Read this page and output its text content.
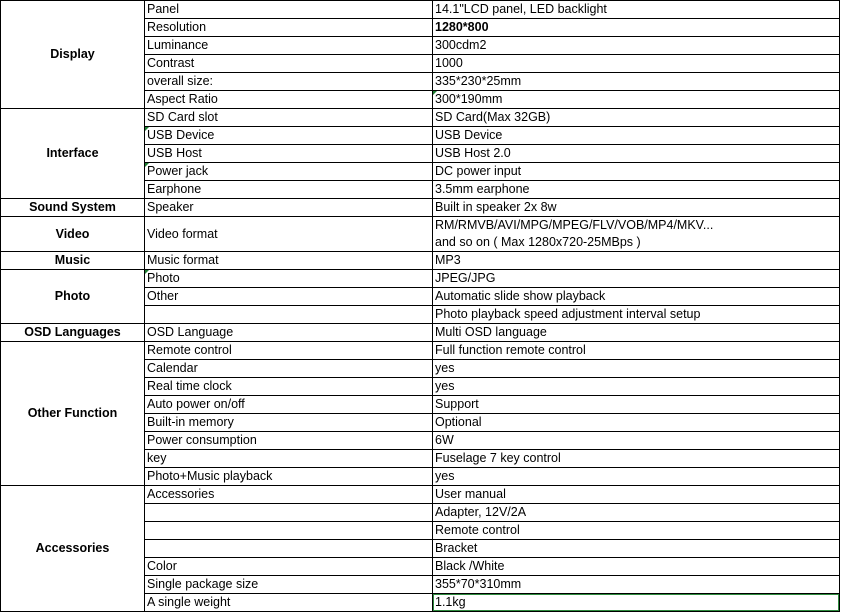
Display	Panel	14.1"LCD panel, LED backlight
	Resolution	1280*800
	Luminance	300cdm2
	Contrast	1000
	overall size:	335*230*25mm
	Aspect Ratio	300*190mm
Interface	SD Card slot	SD Card(Max 32GB)
	USB Device	USB Device
	USB Host	USB Host 2.0
	Power jack	DC power input
	Earphone	3.5mm earphone
Sound System	Speaker	Built in speaker 2x 8w
Video	Video format	RM/RMVB/AVI/MPG/MPEG/FLV/VOB/MP4/MKV...
and so on ( Max 1280x720-25MBps )

Music	Music format	MP3
Photo	Photo	JPEG/JPG
	Other	Automatic slide show playback
		Photo playback speed adjustment interval setup
OSD Languages	OSD Language	Multi OSD language
Other Function	Remote control	Full function remote control
	Calendar	yes
	Real time clock	yes
	Auto power on/off	Support
	Built-in memory	Optional
	Power consumption	6W
	key	Fuselage 7 key control
	Photo+Music playback	yes
Accessories	Accessories	User manual
		Adapter, 12V/2A
		Remote control
		Bracket
	Color	Black /White
	Single package size	355*70*310mm
	A single weight	1.1kg
